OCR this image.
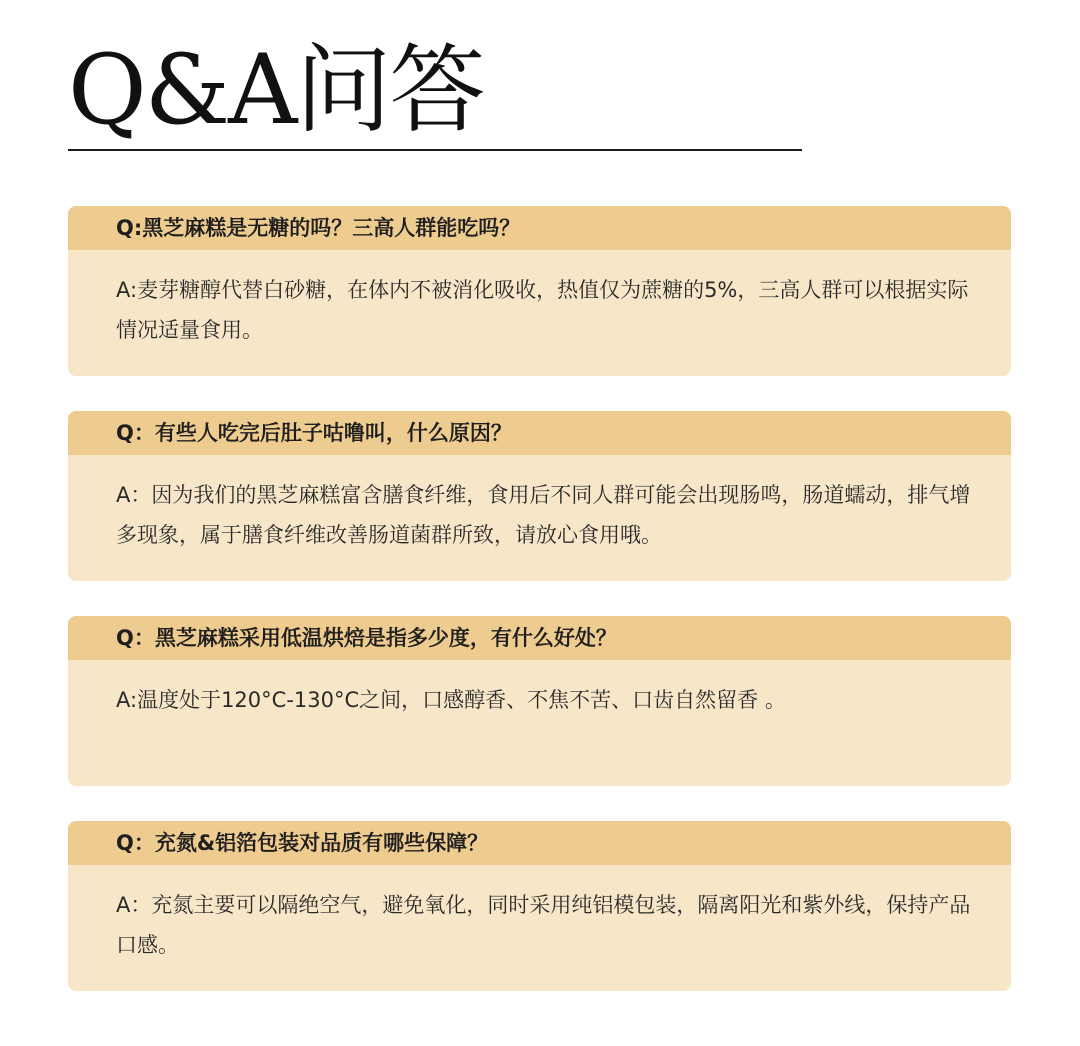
Q&A问答
Q:黑芝麻糕是无糖的吗？三高人群能吃吗？
A:麦芽糖醇代替白砂糖，在体内不被消化吸收，热值仅为蔗糖的5%，三高人群可以根据实际情况适量食用。
Q：有些人吃完后肚子咕噜叫，什么原因？
A：因为我们的黑芝麻糕富含膳食纤维，食用后不同人群可能会出现肠鸣，肠道蠕动，排气增多现象，属于膳食纤维改善肠道菌群所致，请放心食用哦。
Q：黑芝麻糕采用低温烘焙是指多少度，有什么好处？
A:温度处于120°C-130°C之间，口感醇香、不焦不苦、口齿自然留香 。
Q：充氮&铝箔包装对品质有哪些保障？
A：充氮主要可以隔绝空气，避免氧化，同时采用纯铝模包装，隔离阳光和紫外线，保持产品口感。
